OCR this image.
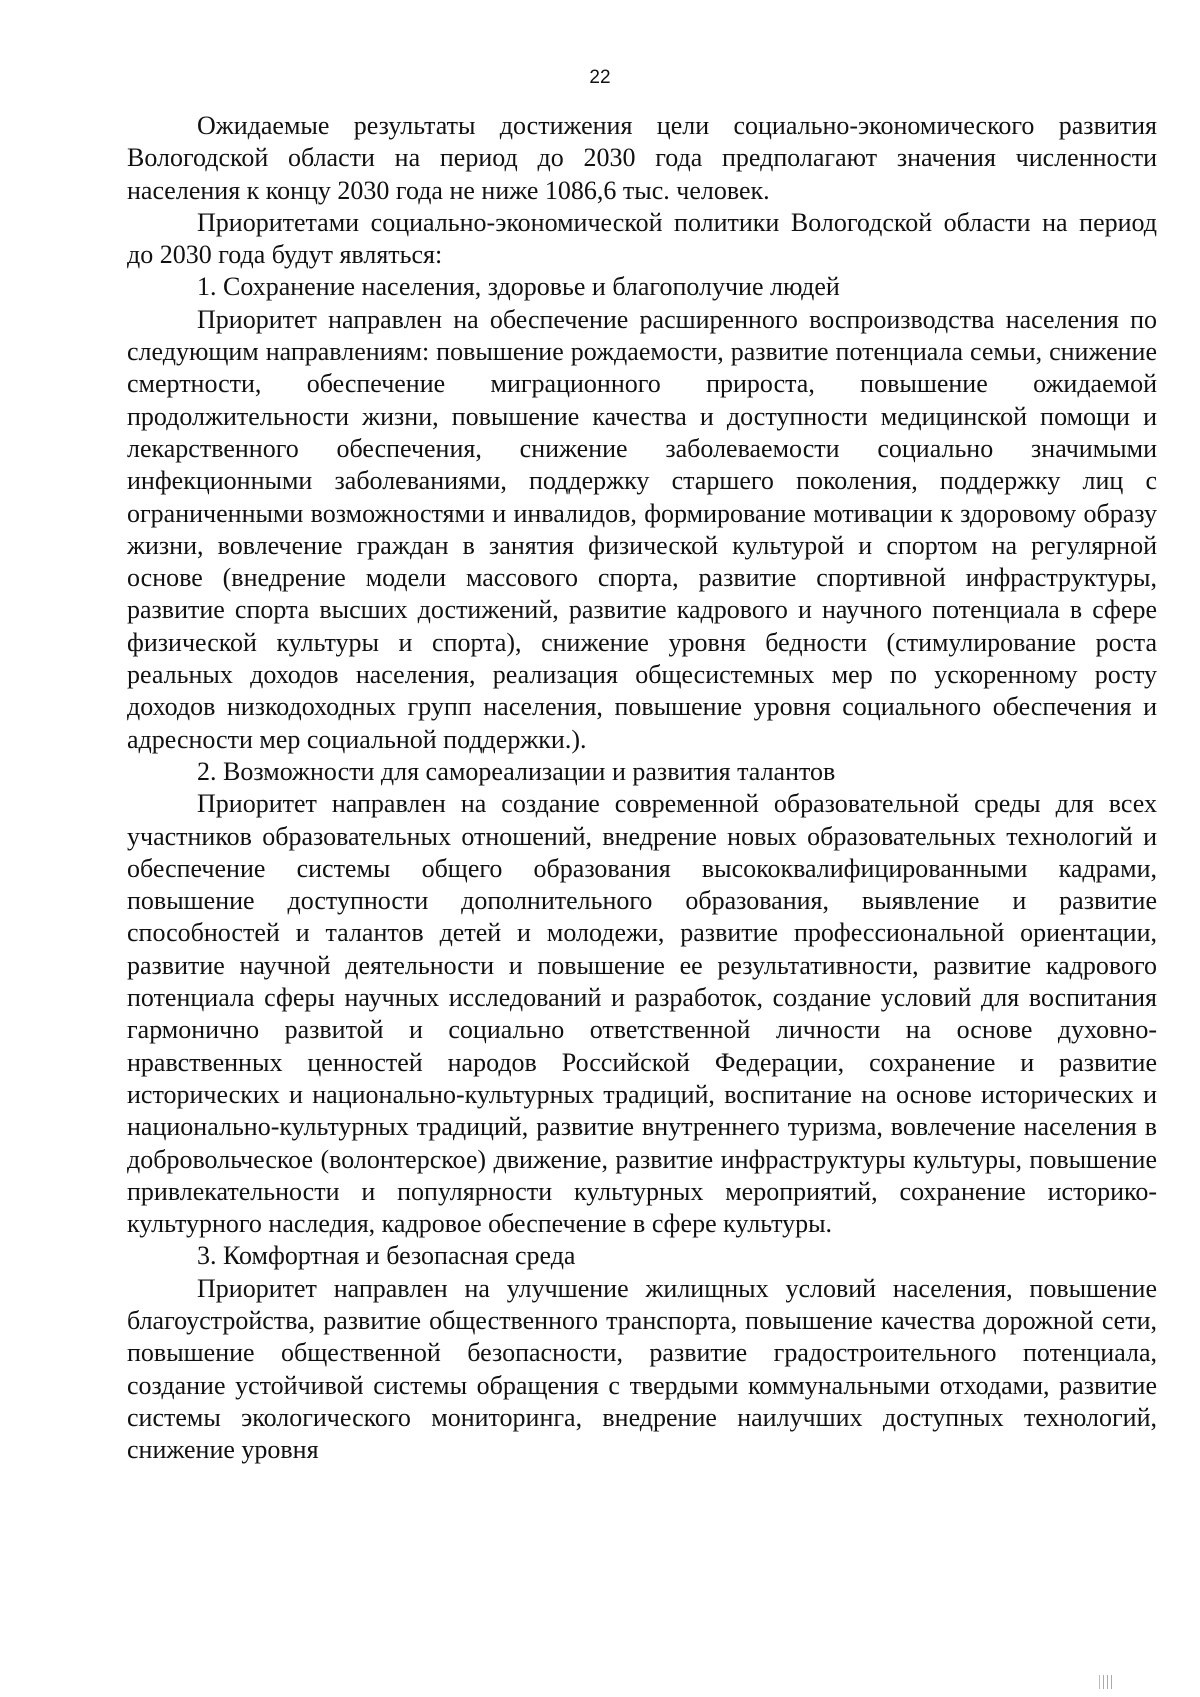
22

Ожидаемые результаты достижения цели социально-экономического развития Вологодской области на период до 2030 года предполагают значения численности населения к концу 2030 года не ниже 1086,6 тыс. человек.

Приоритетами социально-экономической политики Вологодской области на период до 2030 года будут являться:

1. Сохранение населения, здоровье и благополучие людей

Приоритет направлен на обеспечение расширенного воспроизводства населения по следующим направлениям: повышение рождаемости, развитие потенциала семьи, снижение смертности, обеспечение миграционного прироста, повышение ожидаемой продолжительности жизни, повышение качества и доступности медицинской помощи и лекарственного обеспечения, снижение заболеваемости социально значимыми инфекционными заболеваниями, поддержку старшего поколения, поддержку лиц с ограниченными возможностями и инвалидов, формирование мотивации к здоровому образу жизни, вовлечение граждан в занятия физической культурой и спортом на регулярной основе (внедрение модели массового спорта, развитие спортивной инфраструктуры, развитие спорта высших достижений, развитие кадрового и научного потенциала в сфере физической культуры и спорта), снижение уровня бедности (стимулирование роста реальных доходов населения, реализация общесистемных мер по ускоренному росту доходов низкодоходных групп населения, повышение уровня социального обеспечения и адресности мер социальной поддержки.).

2. Возможности для самореализации и развития талантов

Приоритет направлен на создание современной образовательной среды для всех участников образовательных отношений, внедрение новых образовательных технологий и обеспечение системы общего образования высококвалифицированными кадрами, повышение доступности дополнительного образования, выявление и развитие способностей и талантов детей и молодежи, развитие профессиональной ориентации, развитие научной деятельности и повышение ее результативности, развитие кадрового потенциала сферы научных исследований и разработок, создание условий для воспитания гармонично развитой и социально ответственной личности на основе духовно-нравственных ценностей народов Российской Федерации, сохранение и развитие исторических и национально-культурных традиций, воспитание на основе исторических и национально-культурных традиций, развитие внутреннего туризма, вовлечение населения в добровольческое (волонтерское) движение, развитие инфраструктуры культуры, повышение привлекательности и популярности культурных мероприятий, сохранение историко-культурного наследия, кадровое обеспечение в сфере культуры.

3. Комфортная и безопасная среда

Приоритет направлен на улучшение жилищных условий населения, повышение благоустройства, развитие общественного транспорта, повышение качества дорожной сети, повышение общественной безопасности, развитие градостроительного потенциала, создание устойчивой системы обращения с твердыми коммунальными отходами, развитие системы экологического мониторинга, внедрение наилучших доступных технологий, снижение уровня
